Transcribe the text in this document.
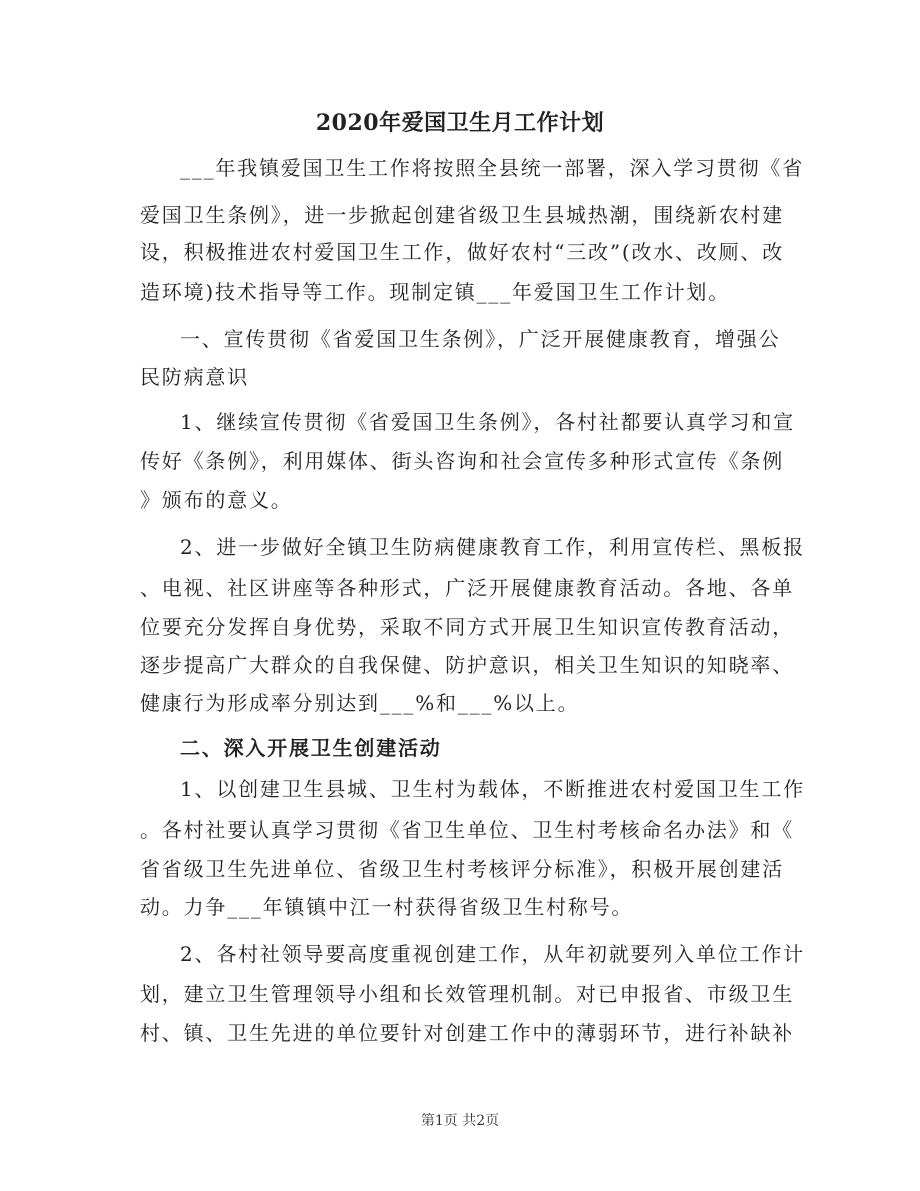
2020年爱国卫生月工作计划
___年我镇爱国卫生工作将按照全县统一部署，深入学习贯彻《省
爱国卫生条例》，进一步掀起创建省级卫生县城热潮，围绕新农村建
设，积极推进农村爱国卫生工作，做好农村“三改”(改水、改厕、改
造环境)技术指导等工作。现制定镇___年爱国卫生工作计划。
一、宣传贯彻《省爱国卫生条例》，广泛开展健康教育，增强公
民防病意识
1、继续宣传贯彻《省爱国卫生条例》，各村社都要认真学习和宣
传好《条例》，利用媒体、街头咨询和社会宣传多种形式宣传《条例
》颁布的意义。
2、进一步做好全镇卫生防病健康教育工作，利用宣传栏、黑板报
、电视、社区讲座等各种形式，广泛开展健康教育活动。各地、各单
位要充分发挥自身优势，采取不同方式开展卫生知识宣传教育活动，
逐步提高广大群众的自我保健、防护意识，相关卫生知识的知晓率、
健康行为形成率分别达到___%和___%以上。
二、深入开展卫生创建活动
1、以创建卫生县城、卫生村为载体，不断推进农村爱国卫生工作
。各村社要认真学习贯彻《省卫生单位、卫生村考核命名办法》和《
省省级卫生先进单位、省级卫生村考核评分标准》，积极开展创建活
动。力争___年镇镇中江一村获得省级卫生村称号。
2、各村社领导要高度重视创建工作，从年初就要列入单位工作计
划，建立卫生管理领导小组和长效管理机制。对已申报省、市级卫生
村、镇、卫生先进的单位要针对创建工作中的薄弱环节，进行补缺补
第1页 共2页
